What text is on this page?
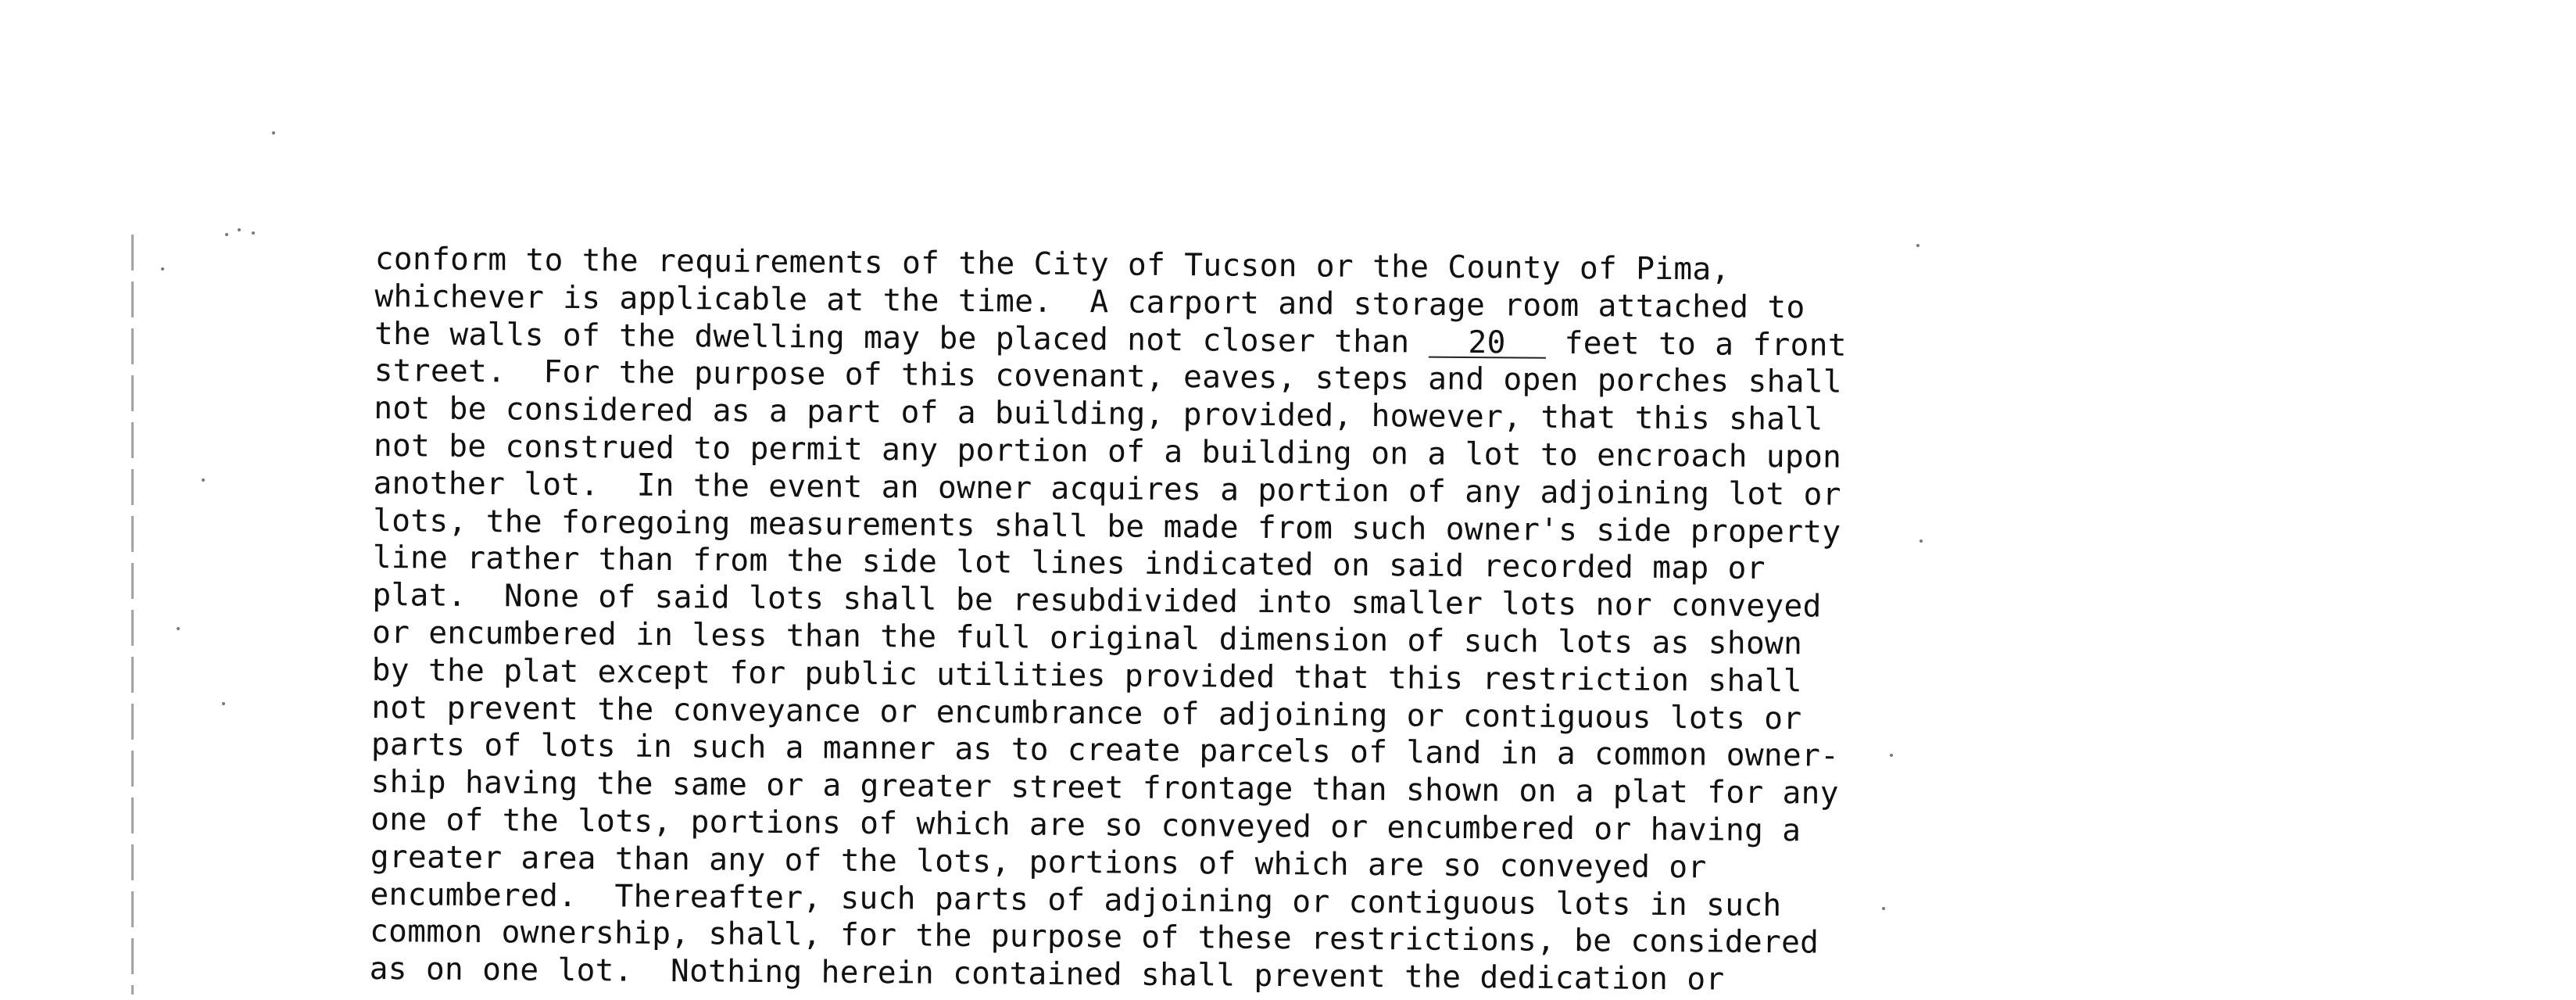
conform to the requirements of the City of Tucson or the County of Pima,
whichever is applicable at the time.  A carport and storage room attached to
the walls of the dwelling may be placed not closer than 20 feet to a front
street.  For the purpose of this covenant, eaves, steps and open porches shall
not be considered as a part of a building, provided, however, that this shall
not be construed to permit any portion of a building on a lot to encroach upon
another lot.  In the event an owner acquires a portion of any adjoining lot or
lots, the foregoing measurements shall be made from such owner's side property
line rather than from the side lot lines indicated on said recorded map or
plat.  None of said lots shall be resubdivided into smaller lots nor conveyed
or encumbered in less than the full original dimension of such lots as shown
by the plat except for public utilities provided that this restriction shall
not prevent the conveyance or encumbrance of adjoining or contiguous lots or
parts of lots in such a manner as to create parcels of land in a common owner-
ship having the same or a greater street frontage than shown on a plat for any
one of the lots, portions of which are so conveyed or encumbered or having a
greater area than any of the lots, portions of which are so conveyed or
encumbered.  Thereafter, such parts of adjoining or contiguous lots in such
common ownership, shall, for the purpose of these restrictions, be considered
as on one lot.  Nothing herein contained shall prevent the dedication or
